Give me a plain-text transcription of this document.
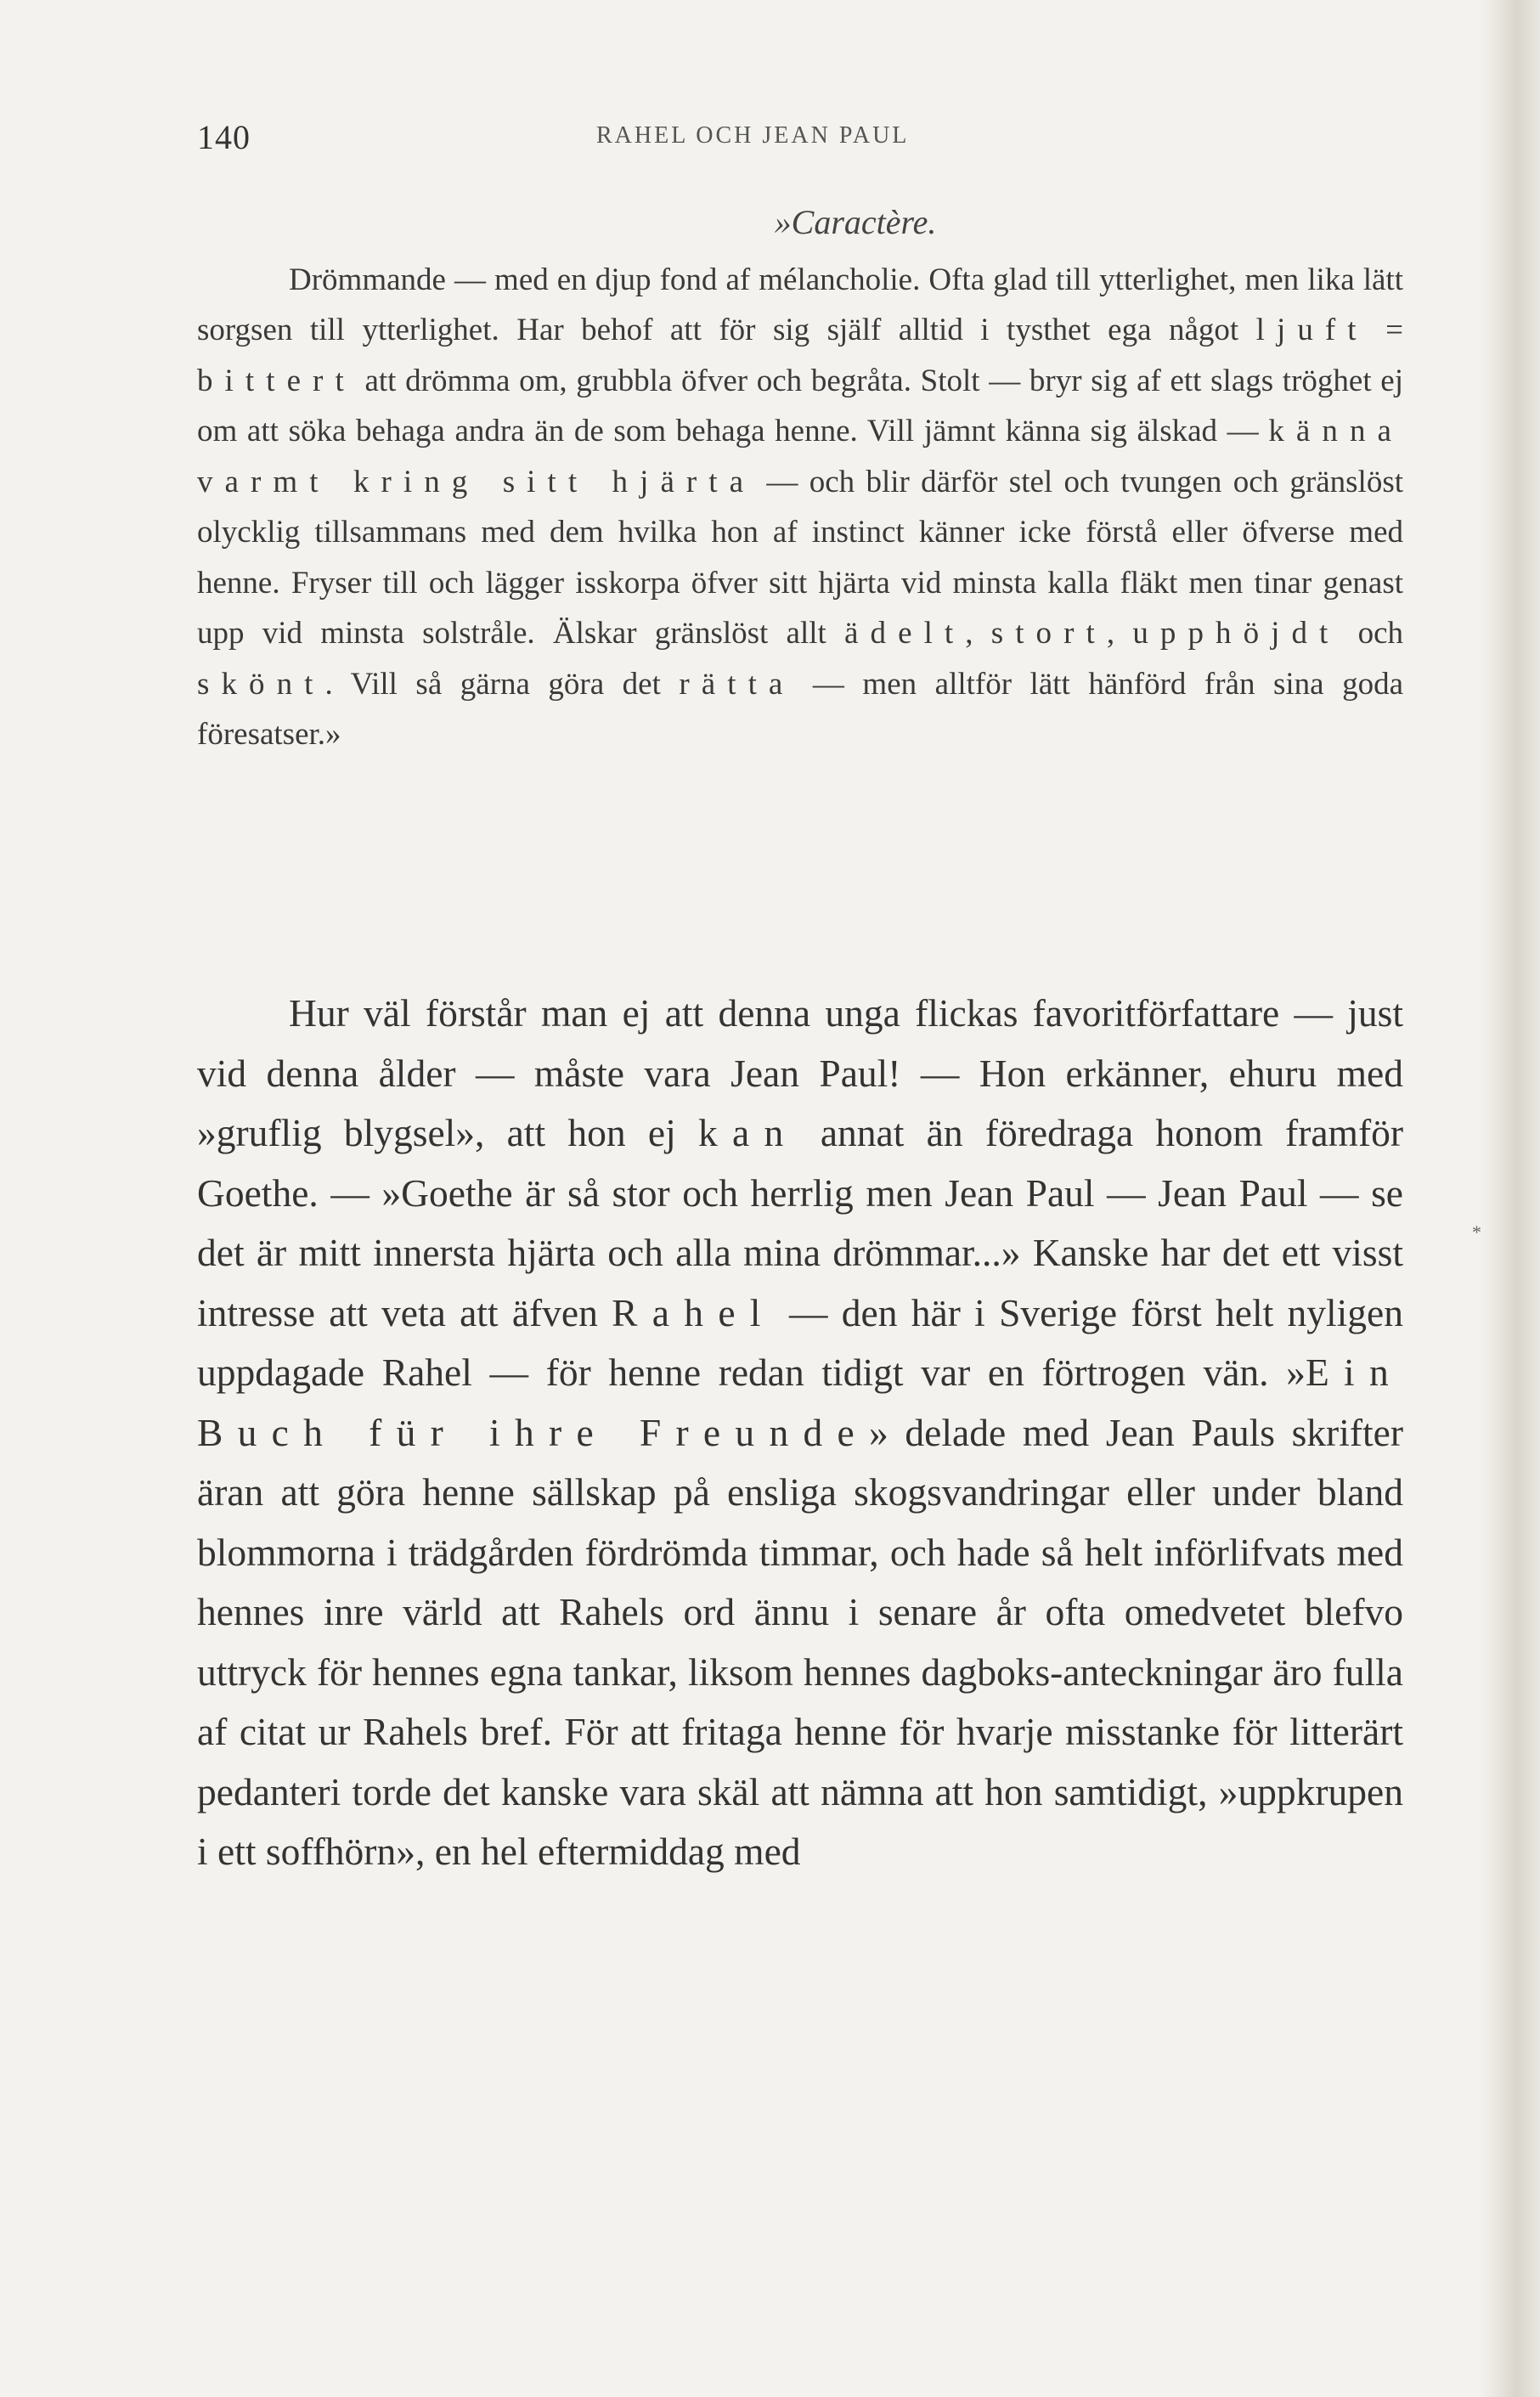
140	RAHEL OCH JEAN PAUL
»Caractère.

Drömmande — med en djup fond af mélancholie. Ofta glad till ytterlighet, men lika lätt sorgsen till ytterlighet. Har behof att för sig själf alltid i tysthet ega något ljuft = bittert att drömma om, grubbla öfver och begråta. Stolt — bryr sig af ett slags tröghet ej om att söka behaga andra än de som behaga henne. Vill jämnt känna sig älskad — känna varmt kring sitt hjärta — och blir därför stel och tvungen och gränslöst olycklig tillsammans med dem hvilka hon af instinct känner icke förstå eller öfverse med henne. Fryser till och lägger isskorpa öfver sitt hjärta vid minsta kalla fläkt men tinar genast upp vid minsta solstråle. Älskar gränslöst allt ädelt, stort, upphöjdt och skönt. Vill så gärna göra det rätta — men alltför lätt hänförd från sina goda föresatser.»

Hur väl förstår man ej att denna unga flickas favoritförfattare — just vid denna ålder — måste vara Jean Paul! — Hon erkänner, ehuru med »gruflig blygsel», att hon ej kan annat än föredraga honom framför Goethe. — »Goethe är så stor och herrlig men Jean Paul — Jean Paul — se det är mitt innersta hjärta och alla mina drömmar...» Kanske har det ett visst intresse att veta att äfven Rahel — den här i Sverige först helt nyligen uppdagade Rahel — för henne redan tidigt var en förtrogen vän. »Ein Buch für ihre Freunde» delade med Jean Pauls skrifter äran att göra henne sällskap på ensliga skogsvandringar eller under bland blommorna i trädgården fördrömda timmar, och hade så helt införlifvats med hennes inre värld att Rahels ord ännu i senare år ofta omedvetet blefvo uttryck för hennes egna tankar, liksom hennes dagboks-anteckningar äro fulla af citat ur Rahels bref. För att fritaga henne för hvarje misstanke för litterärt pedanteri torde det kanske vara skäl att nämna att hon samtidigt, »uppkrupen i ett soffhörn», en hel eftermiddag med

*
